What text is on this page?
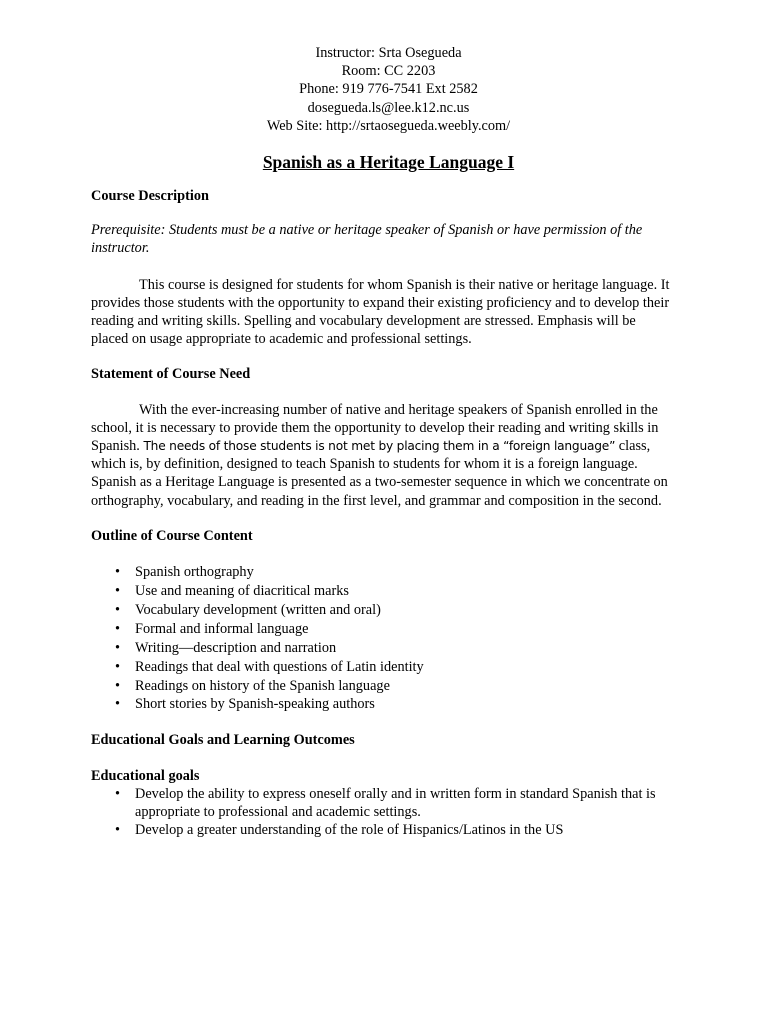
Instructor: Srta Osegueda
Room: CC 2203
Phone: 919 776-7541 Ext 2582
dosegueda.ls@lee.k12.nc.us
Web Site: http://srtaosegueda.weebly.com/
Spanish as a Heritage Language I
Course Description
Prerequisite: Students must be a native or heritage speaker of Spanish or have permission of the instructor.
This course is designed for students for whom Spanish is their native or heritage language. It provides those students with the opportunity to expand their existing proficiency and to develop their reading and writing skills. Spelling and vocabulary development are stressed. Emphasis will be placed on usage appropriate to academic and professional settings.
Statement of Course Need
With the ever-increasing number of native and heritage speakers of Spanish enrolled in the school, it is necessary to provide them the opportunity to develop their reading and writing skills in Spanish. The needs of those students is not met by placing them in a “foreign language” class, which is, by definition, designed to teach Spanish to students for whom it is a foreign language. Spanish as a Heritage Language is presented as a two-semester sequence in which we concentrate on orthography, vocabulary, and reading in the first level, and grammar and composition in the second.
Outline of Course Content
• Spanish orthography
• Use and meaning of diacritical marks
• Vocabulary development (written and oral)
• Formal and informal language
• Writing—description and narration
• Readings that deal with questions of Latin identity
• Readings on history of the Spanish language
• Short stories by Spanish-speaking authors
Educational Goals and Learning Outcomes
Educational goals
• Develop the ability to express oneself orally and in written form in standard Spanish that is appropriate to professional and academic settings.
• Develop a greater understanding of the role of Hispanics/Latinos in the US
